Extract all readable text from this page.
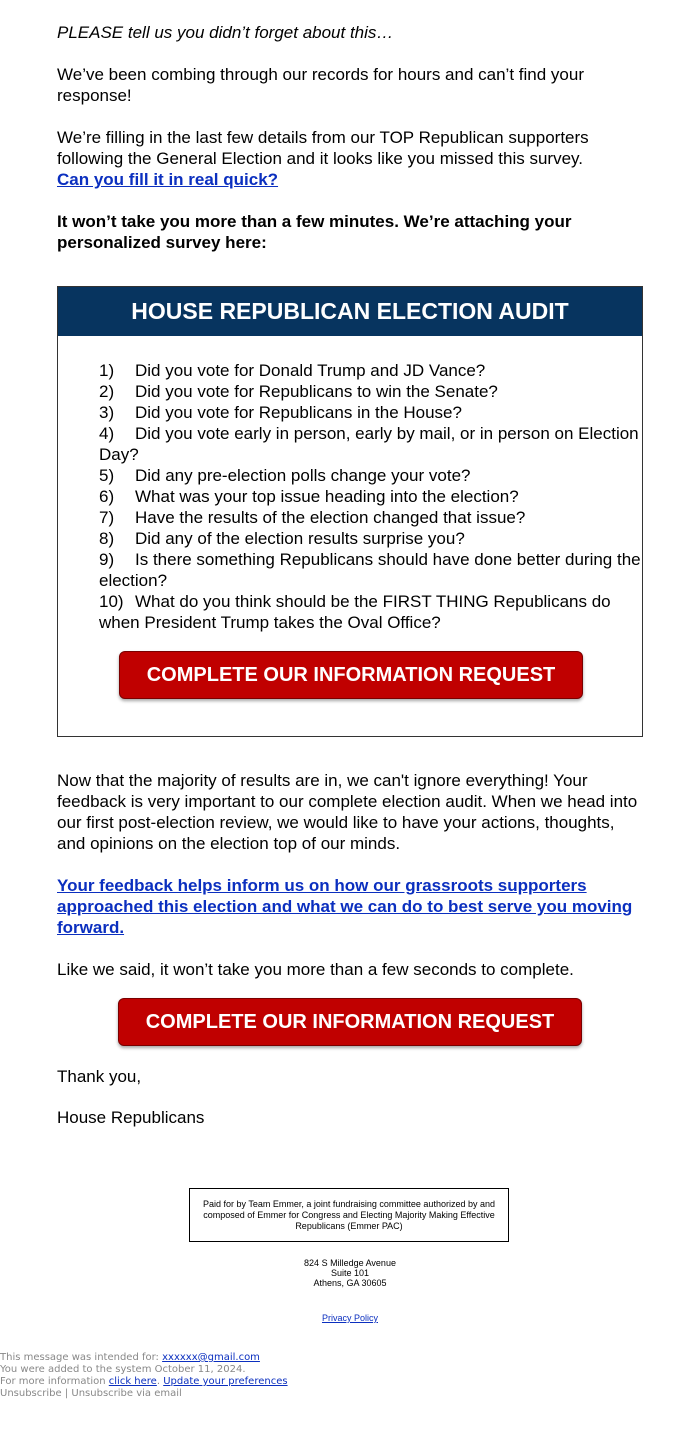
PLEASE tell us you didn’t forget about this…

We’ve been combing through our records for hours and can’t find your response!

We’re filling in the last few details from our TOP Republican supporters following the General Election and it looks like you missed this survey.
Can you fill it in real quick?

It won’t take you more than a few minutes. We’re attaching your personalized survey here:

HOUSE REPUBLICAN ELECTION AUDIT
1) Did you vote for Donald Trump and JD Vance?
2) Did you vote for Republicans to win the Senate?
3) Did you vote for Republicans in the House?
4) Did you vote early in person, early by mail, or in person on Election Day?
5) Did any pre-election polls change your vote?
6) What was your top issue heading into the election?
7) Have the results of the election changed that issue?
8) Did any of the election results surprise you?
9) Is there something Republicans should have done better during the election?
10) What do you think should be the FIRST THING Republicans do when President Trump takes the Oval Office?
COMPLETE OUR INFORMATION REQUEST

Now that the majority of results are in, we can't ignore everything! Your feedback is very important to our complete election audit. When we head into our first post-election review, we would like to have your actions, thoughts, and opinions on the election top of our minds.

Your feedback helps inform us on how our grassroots supporters approached this election and what we can do to best serve you moving forward.

Like we said, it won’t take you more than a few seconds to complete.

Thank you,

House Republicans

COMPLETE OUR INFORMATION REQUEST
Paid for by Team Emmer, a joint fundraising committee authorized by and composed of Emmer for Congress and Electing Majority Making Effective Republicans (Emmer PAC)
824 S Milledge Avenue
Suite 101
Athens, GA 30605
Privacy Policy
This message was intended for: xxxxxx@gmail.com
You were added to the system October 11, 2024.
For more information click here. Update your preferences
Unsubscribe | Unsubscribe via email
